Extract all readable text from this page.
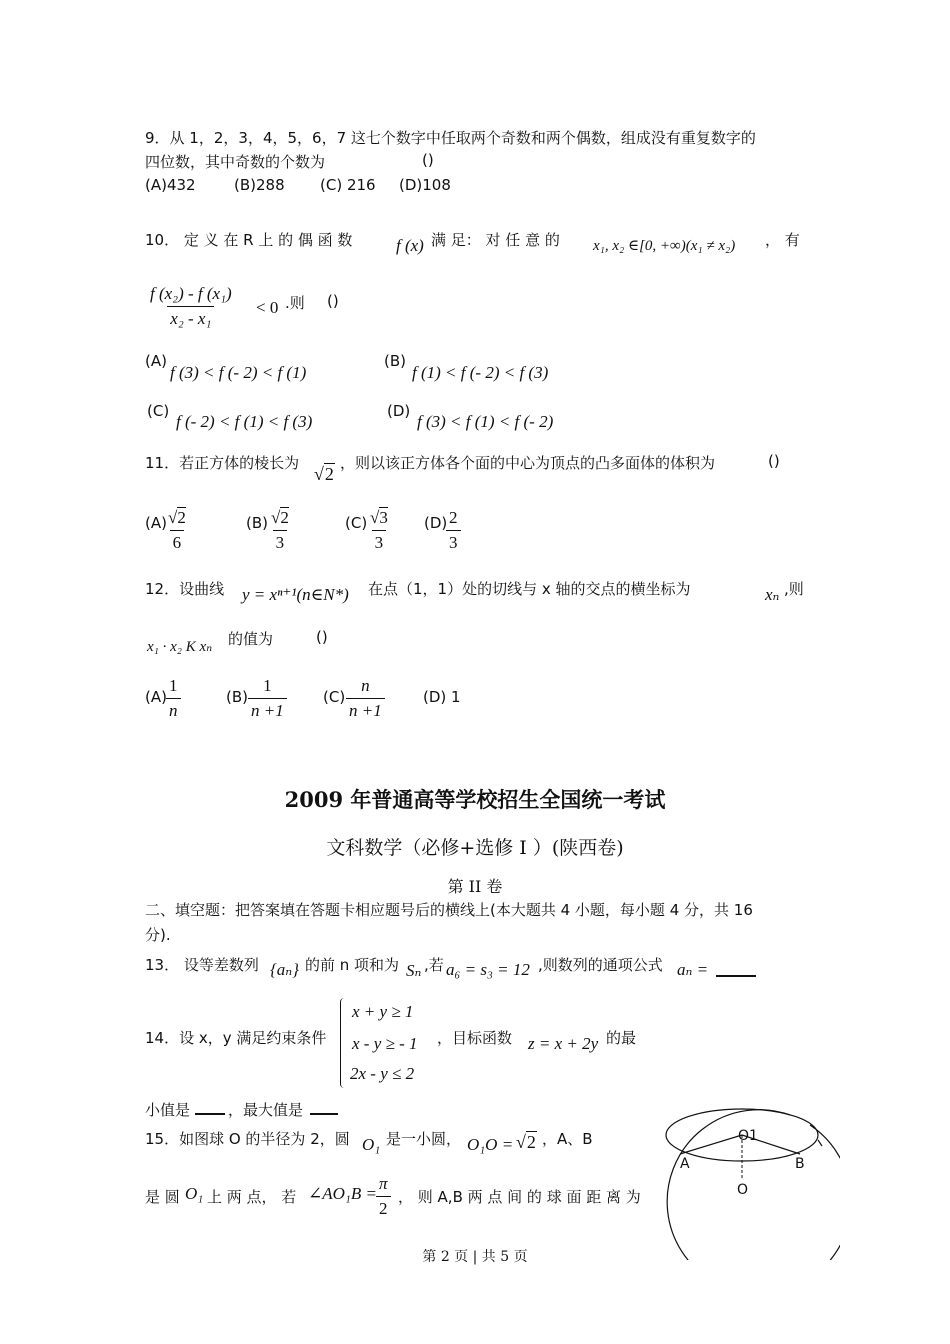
9．从 1，2，3，4，5，6，7 这七个数字中任取两个奇数和两个偶数，组成没有重复数字的
四位数，其中奇数的个数为	()
(A)432	(B)288 (C) 216 (D)108
10． 定 义 在 R 上 的 偶 函 数	f (x) 满 足： 对 任 意 的 x₁, x₂ ∈[0, +∞)(x₁ ≠ x₂) ， 有
$\frac{\text{f (x₂) - f (x₁)}}{\text{x₂ - x₁}} < 0$ .则 ()
(A)
f (3) < f (- 2) < f (1)
(B)
f (1) < f (- 2) < f (3)
(C)
f (- 2) < f (1) < f (3)
(D)
f (3) < f (1) < f (- 2)
11．若正方体的棱长为
√2
，则以该正方体各个面的中心为顶点的凸多面体的体积为	()
(A)
$\frac{√2}{6}$	$(B) \frac{√2}{3}$	$(C) \frac{√3}{3} (D)$
$\frac{2}{3}$
12．设曲线 y = xⁿ⁺¹(n∈N*) 在点（1，1）处的切线与 x 轴的交点的横坐标为	xₙ ,则
x₁ · x₂ K xₙ 的值为	()
$(A) \frac{1}{n}$	$(B) \frac{1}{n +1} (C) \frac{n}{n +1}$	(D) 1
2009 年普通高等学校招生全国统一考试
文科数学（必修+选修 I ）(陕西卷)
第 II 卷
二、填空题：把答案填在答题卡相应题号后的横线上(本大题共 4 小题，每小题 4 分，共 16
分).
13． 设等差数列 {aₙ} 的前 n 项和为 Sₙ ,若 a₆ = s₃ = 12 ,则数列的通项公式 aₙ =
14．设 x，y 满足约束条件
x + y ≥ 1
x - y ≥ - 1
2x - y ≤ 2
，目标函数 z = x + 2y 的最
小值是	，最大值是
15．如图球 O 的半径为 2，圆 O₁ 是一小圆， O₁O = √2 ，A、B
是 圆 O₁ 上 两 点， 若 ∠AO₁B = $\frac{\pi}{2}$ ， 则 A,B 两 点 间 的 球 面 距 离 为
O1
A	B
O
第 2 页 | 共 5 页
